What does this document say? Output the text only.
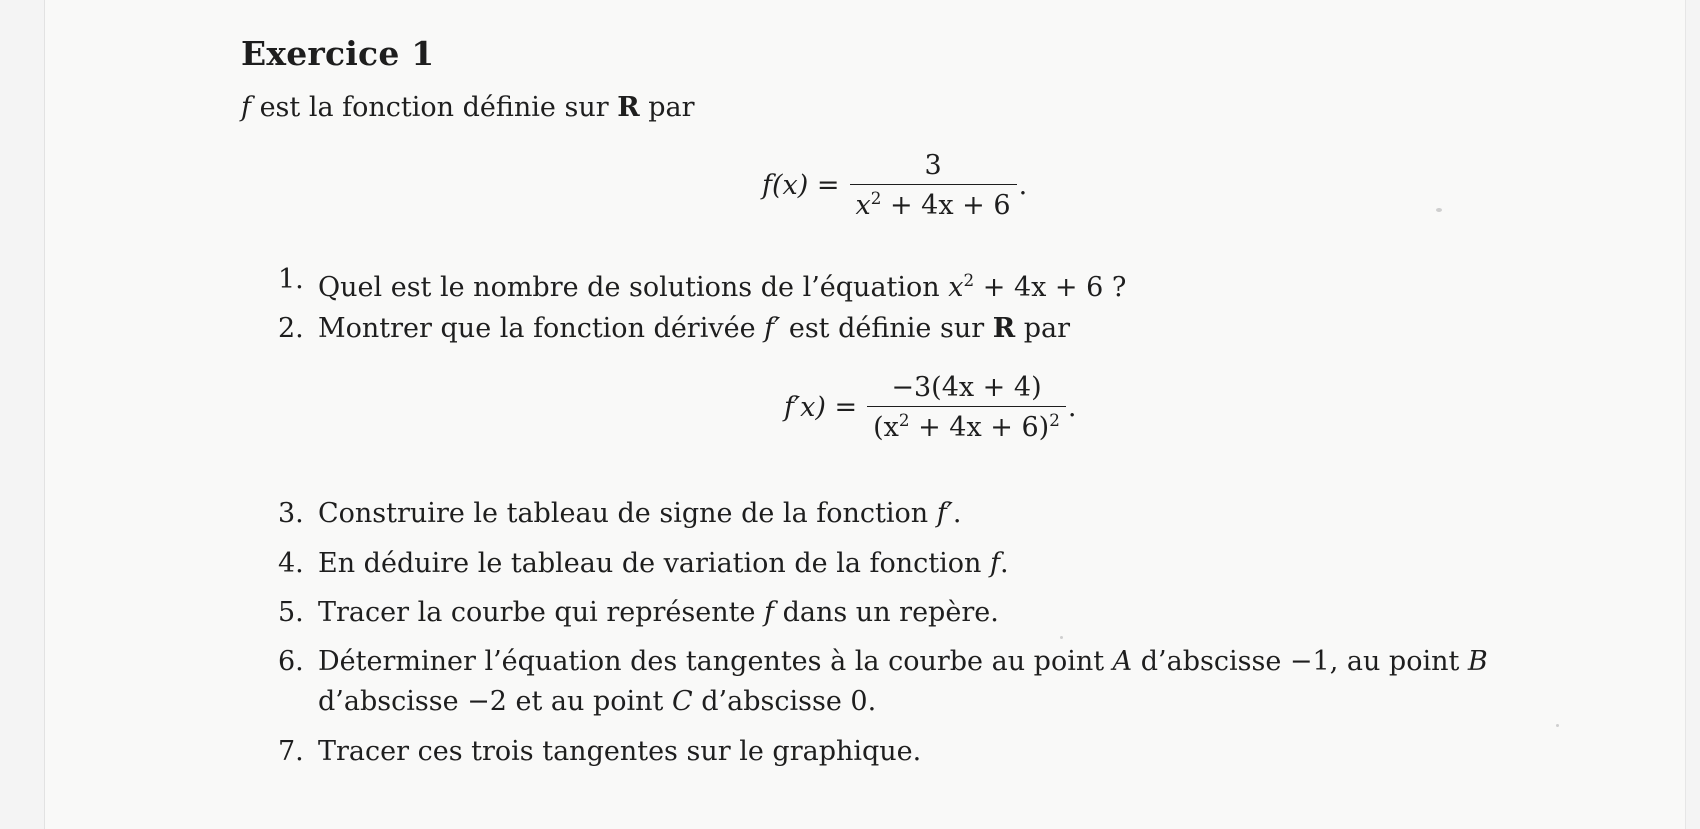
Exercice 1

f est la fonction définie sur R par

$f(x) = \frac{3}{x^2 + 4x + 6}$ .
1. Quel est le nombre de solutions de l’équation $x^2 + 4x + 6$ ?
2. Montrer que la fonction dérivée f′ est définie sur R par
$f'x) = \frac{-3(4x + 4)}{(x^2 + 4x + 6)^2}$ .
3. Construire le tableau de signe de la fonction f′.
4. En déduire le tableau de variation de la fonction f.
5. Tracer la courbe qui représente f dans un repère.
6. Déterminer l’équation des tangentes à la courbe au point A d’abscisse −1, au point B
d’abscisse −2 et au point C d’abscisse 0.
7. Tracer ces trois tangentes sur le graphique.
